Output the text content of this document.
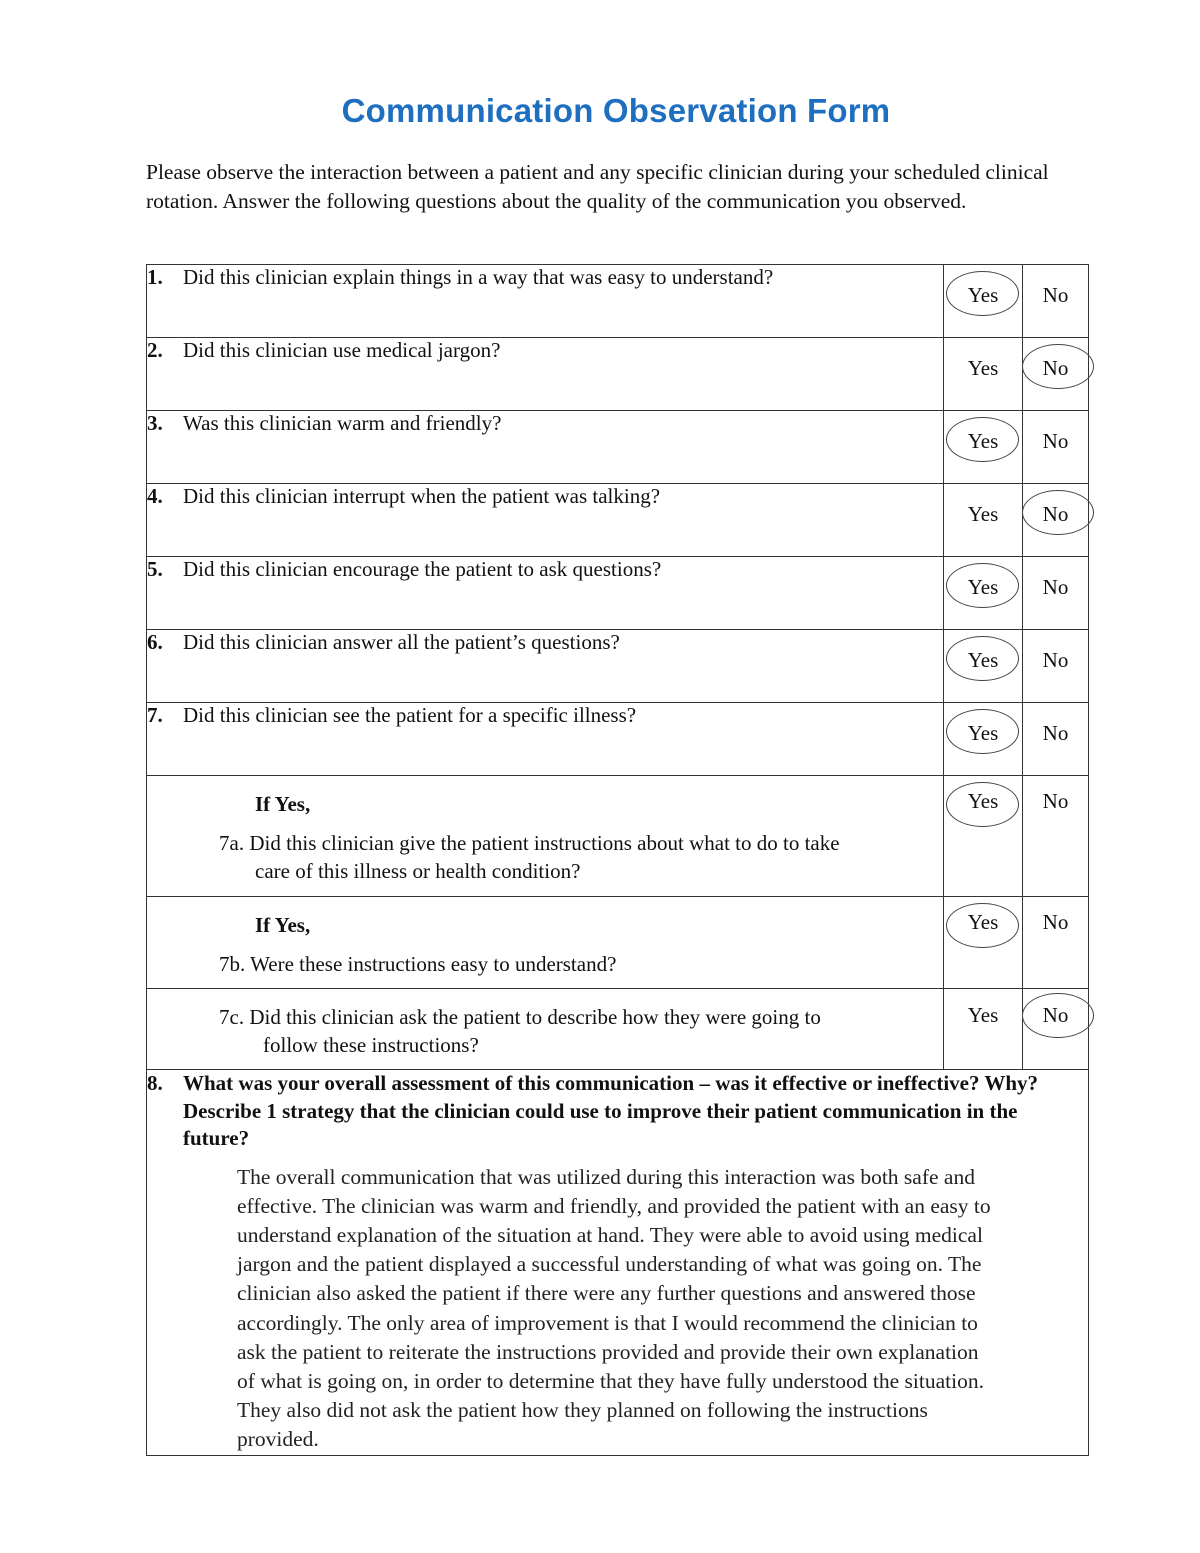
Communication Observation Form
Please observe the interaction between a patient and any specific clinician during your scheduled clinical rotation. Answer the following questions about the quality of the communication you observed.
1. Did this clinician explain things in a way that was easy to understand?	Yes	No
2. Did this clinician use medical jargon?	Yes	No
3. Was this clinician warm and friendly?	Yes	No
4. Did this clinician interrupt when the patient was talking?	Yes	No
5. Did this clinician encourage the patient to ask questions?	Yes	No
6. Did this clinician answer all the patient’s questions?	Yes	No
7. Did this clinician see the patient for a specific illness?	Yes	No

If Yes,
7a. Did this clinician give the patient instructions about what to do to take
care of this illness or health condition?	Yes	No

If Yes,
7b. Were these instructions easy to understand?	Yes	No

7c. Did this clinician ask the patient to describe how they were going to
follow these instructions?	Yes	No
8. What was your overall assessment of this communication – was it effective or ineffective? Why? Describe 1 strategy that the clinician could use to improve their patient communication in the future?
The overall communication that was utilized during this interaction was both safe and effective. The clinician was warm and friendly, and provided the patient with an easy to understand explanation of the situation at hand. They were able to avoid using medical jargon and the patient displayed a successful understanding of what was going on. The clinician also asked the patient if there were any further questions and answered those accordingly. The only area of improvement is that I would recommend the clinician to ask the patient to reiterate the instructions provided and provide their own explanation of what is going on, in order to determine that they have fully understood the situation. They also did not ask the patient how they planned on following the instructions provided.		
